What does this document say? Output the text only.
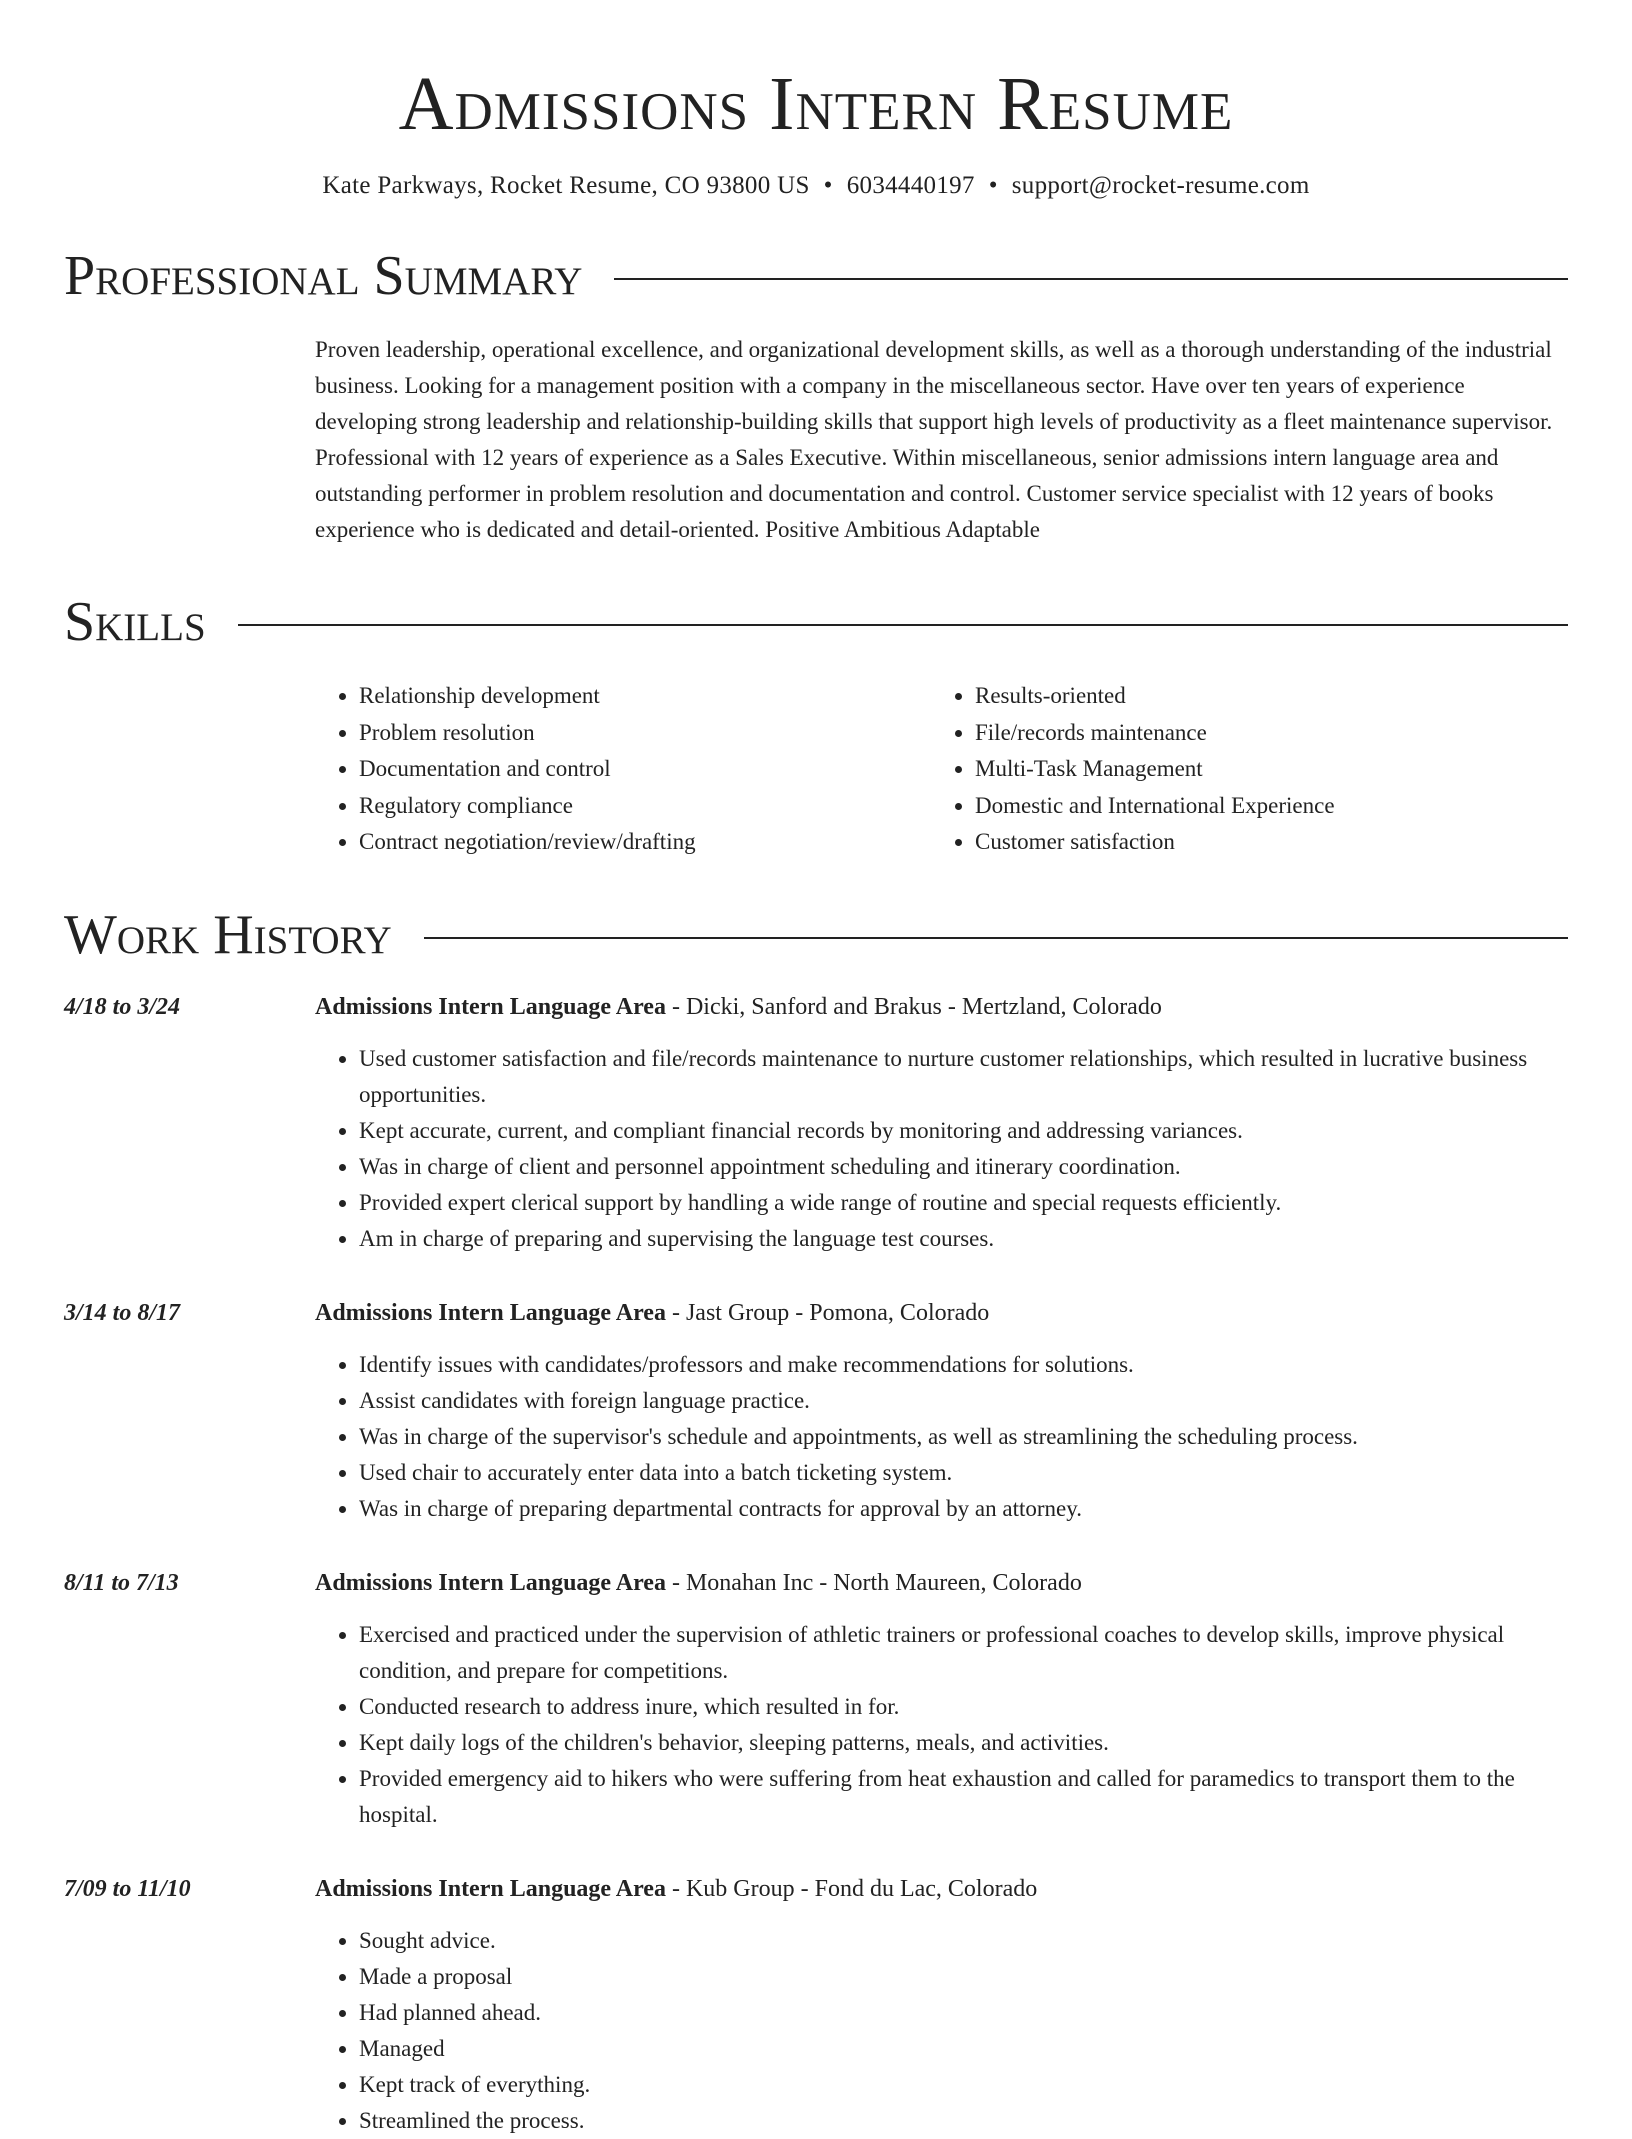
Admissions Intern Resume
Kate Parkways, Rocket Resume, CO 93800 US • 6034440197 • support@rocket-resume.com
Professional Summary
Proven leadership, operational excellence, and organizational development skills, as well as a thorough understanding of the industrial business. Looking for a management position with a company in the miscellaneous sector. Have over ten years of experience developing strong leadership and relationship-building skills that support high levels of productivity as a fleet maintenance supervisor. Professional with 12 years of experience as a Sales Executive. Within miscellaneous, senior admissions intern language area and outstanding performer in problem resolution and documentation and control. Customer service specialist with 12 years of books experience who is dedicated and detail-oriented. Positive Ambitious Adaptable
Skills
• Relationship development
• Problem resolution
• Documentation and control
• Regulatory compliance
• Contract negotiation/review/drafting
• Results-oriented
• File/records maintenance
• Multi-Task Management
• Domestic and International Experience
• Customer satisfaction
Work History
4/18 to 3/24	Admissions Intern Language Area - Dicki, Sanford and Brakus - Mertzland, Colorado
• Used customer satisfaction and file/records maintenance to nurture customer relationships, which resulted in lucrative business opportunities.
• Kept accurate, current, and compliant financial records by monitoring and addressing variances.
• Was in charge of client and personnel appointment scheduling and itinerary coordination.
• Provided expert clerical support by handling a wide range of routine and special requests efficiently.
• Am in charge of preparing and supervising the language test courses.
3/14 to 8/17	Admissions Intern Language Area - Jast Group - Pomona, Colorado
• Identify issues with candidates/professors and make recommendations for solutions.
• Assist candidates with foreign language practice.
• Was in charge of the supervisor's schedule and appointments, as well as streamlining the scheduling process.
• Used chair to accurately enter data into a batch ticketing system.
• Was in charge of preparing departmental contracts for approval by an attorney.
8/11 to 7/13	Admissions Intern Language Area - Monahan Inc - North Maureen, Colorado
• Exercised and practiced under the supervision of athletic trainers or professional coaches to develop skills, improve physical condition, and prepare for competitions.
• Conducted research to address inure, which resulted in for.
• Kept daily logs of the children's behavior, sleeping patterns, meals, and activities.
• Provided emergency aid to hikers who were suffering from heat exhaustion and called for paramedics to transport them to the hospital.
7/09 to 11/10	Admissions Intern Language Area - Kub Group - Fond du Lac, Colorado
• Sought advice.
• Made a proposal
• Had planned ahead.
• Managed
• Kept track of everything.
• Streamlined the process.
